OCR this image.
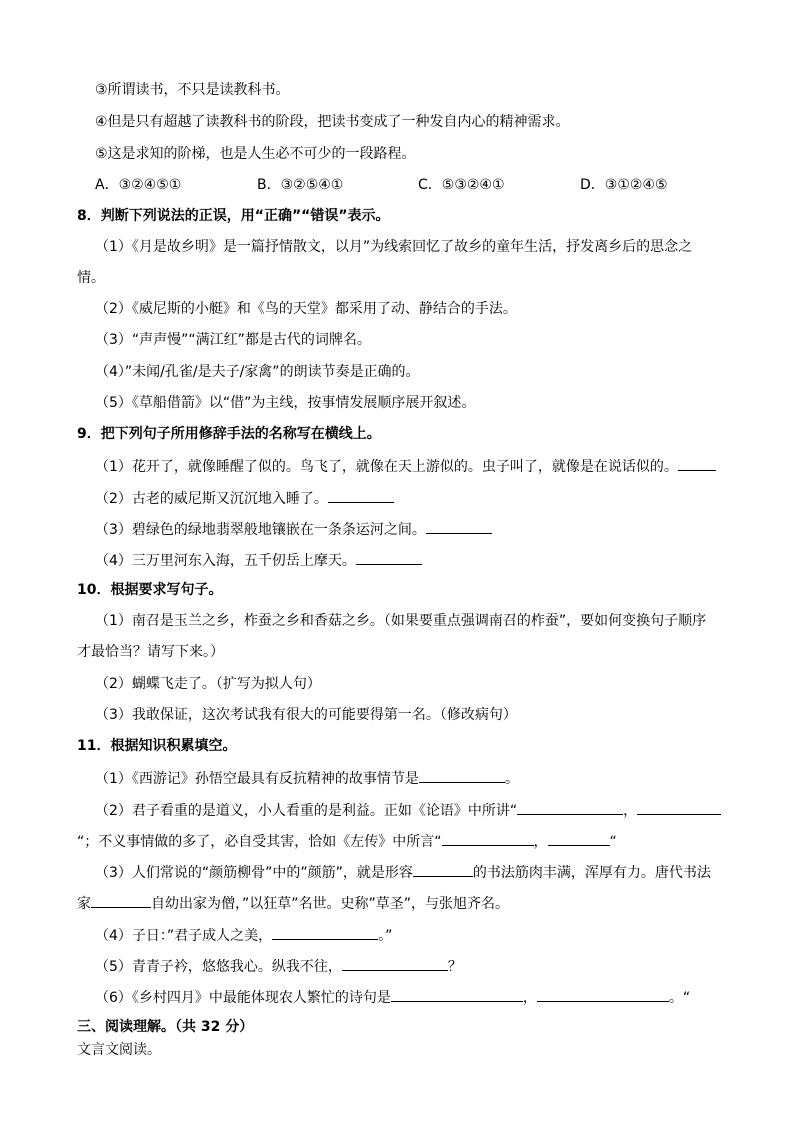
③所谓读书，不只是读教科书。
④但是只有超越了读教科书的阶段，把读书变成了一种发自内心的精神需求。
⑤这是求知的阶梯，也是人生必不可少的一段路程。
A．③②④⑤①	B．③②⑤④①	C．⑤③②④①	D．③①②④⑤
8．判断下列说法的正误，用“正确”“错误”表示。
（1）《月是故乡明》是一篇抒情散文，以月”为线索回忆了故乡的童年生活，抒发离乡后的思念之
情。
（2）《威尼斯的小艇》和《鸟的天堂》都采用了动、静结合的手法。
（3）“声声慢”“满江红”都是古代的词牌名。
（4）”未闻/孔雀/是夫子/家禽”的朗读节奏是正确的。
（5）《草船借箭》以“借”为主线，按事情发展顺序展开叙述。
9．把下列句子所用修辞手法的名称写在横线上。
（1）花开了，就像睡醒了似的。鸟飞了，就像在天上游似的。虫子叫了，就像是在说话似的。
（2）古老的威尼斯又沉沉地入睡了。
（3）碧绿色的绿地翡翠般地镶嵌在一条条运河之间。
（4）三万里河东入海，五千仞岳上摩天。
10．根据要求写句子。
（1）南召是玉兰之乡，柞蚕之乡和香菇之乡。（如果要重点强调南召的柞蚕”，要如何变换句子顺序
才最恰当？请写下来。）
（2）蝴蝶飞走了。（扩写为拟人句）
（3）我敢保证，这次考试我有很大的可能要得第一名。（修改病句）
11．根据知识积累填空。
（1）《西游记》孙悟空最具有反抗精神的故事情节是	。
（2）君子看重的是道义，小人看重的是利益。正如《论语》中所讲“	，
“；不义事情做的多了，必自受其害，恰如《左传》中所言“	，	“
（3）人们常说的“颜筋柳骨”中的”颜筋”，就是形容	的书法筋肉丰满，浑厚有力。唐代书法
家	自幼出家为僧，”以狂草”名世。史称”草圣”，与张旭齐名。
（4）子日：”君子成人之美，	。”
（5）青青子衿，悠悠我心。纵我不往，	？
（6）《乡村四月》中最能体现农人繁忙的诗句是	，	。“
三、阅读理解。（共 32 分）
文言文阅读。
